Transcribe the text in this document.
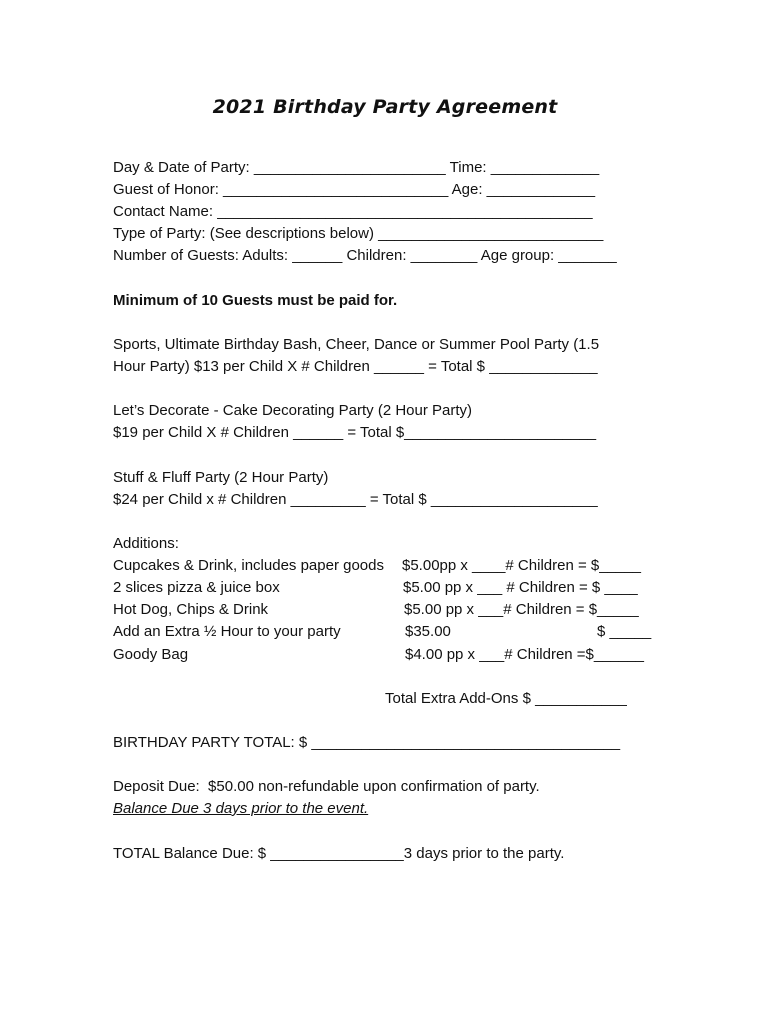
2021 Birthday Party Agreement
Day & Date of Party: _______________________ Time: _____________
Guest of Honor: ___________________________ Age: _____________
Contact Name: _____________________________________________
Type of Party: (See descriptions below) ___________________________
Number of Guests: Adults: ______ Children: ________ Age group: _______
Minimum of 10 Guests must be paid for.
Sports, Ultimate Birthday Bash, Cheer, Dance or Summer Pool Party (1.5
Hour Party) $13 per Child X # Children ______ = Total $ _____________
Let’s Decorate - Cake Decorating Party (2 Hour Party)
$19 per Child X # Children ______ = Total $_______________________
Stuff & Fluff Party (2 Hour Party)
$24 per Child x # Children _________ = Total $ ____________________
Additions:
Cupcakes & Drink, includes paper goods $5.00pp x ____# Children = $_____
2 slices pizza & juice box	$5.00 pp x ___ # Children = $ ____
Hot Dog, Chips & Drink	$5.00 pp x ___# Children = $_____
Add an Extra ½ Hour to your party	$35.00	$ _____
Goody Bag	$4.00 pp x ___# Children =$______
Total Extra Add-Ons $ ___________
BIRTHDAY PARTY TOTAL: $ _____________________________________
Deposit Due:  $50.00 non-refundable upon confirmation of party.
Balance Due 3 days prior to the event.
TOTAL Balance Due: $ ________________3 days prior to the party.
